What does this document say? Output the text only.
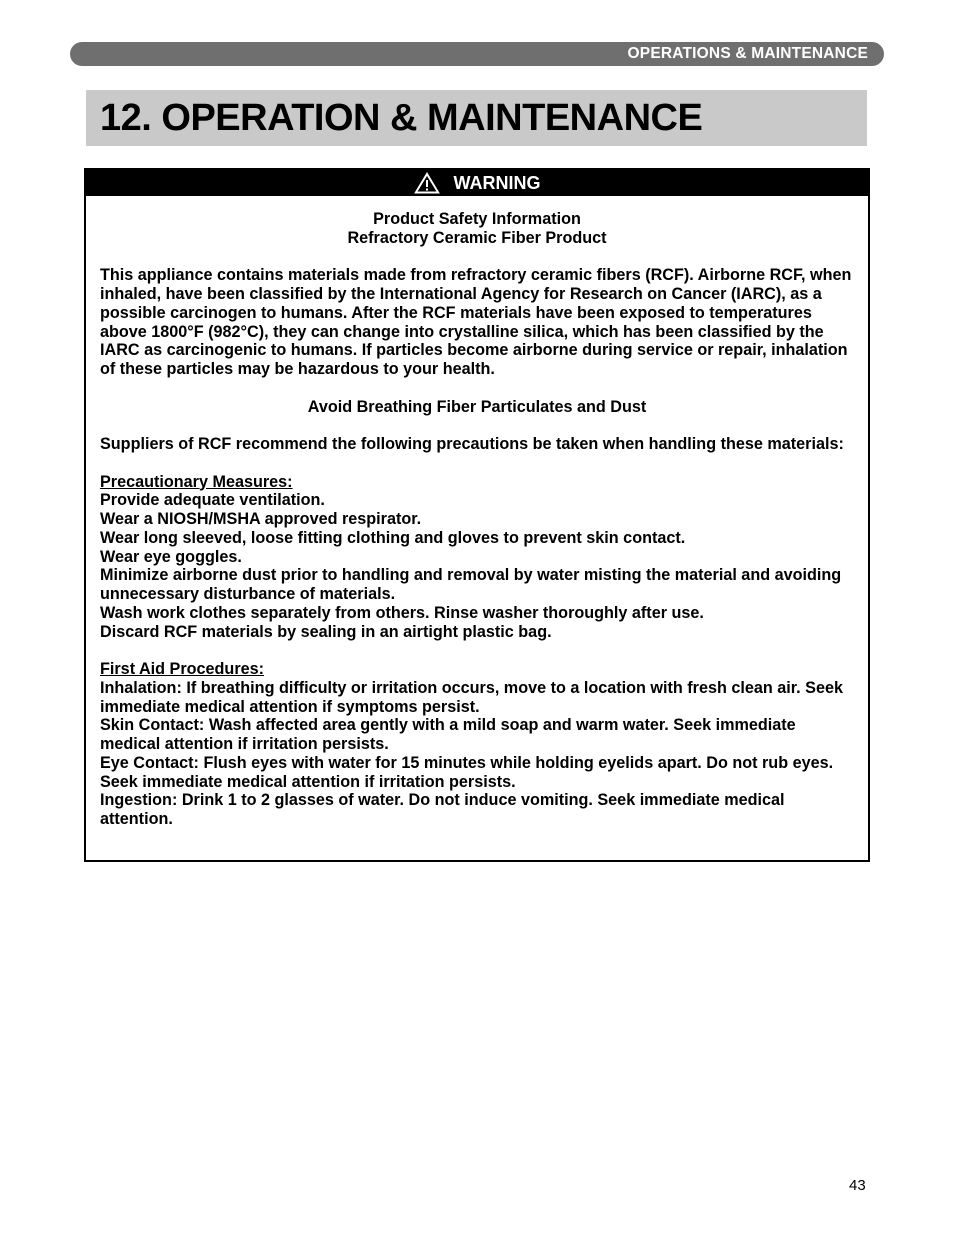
OPERATIONS & MAINTENANCE
12. OPERATION & MAINTENANCE
WARNING

Product Safety Information

Refractory Ceramic Fiber Product

This appliance contains materials made from refractory ceramic fibers (RCF). Airborne RCF, when inhaled, have been classified by the International Agency for Research on Cancer (IARC), as a possible carcinogen to humans. After the RCF materials have been exposed to temperatures above 1800°F (982°C), they can change into crystalline silica, which has been classified by the IARC as carcinogenic to humans. If particles become airborne during service or repair, inhalation of these particles may be hazardous to your health.

Avoid Breathing Fiber Particulates and Dust

Suppliers of RCF recommend the following precautions be taken when handling these materials:

Precautionary Measures:

Provide adequate ventilation.

Wear a NIOSH/MSHA approved respirator.

Wear long sleeved, loose fitting clothing and gloves to prevent skin contact.

Wear eye goggles.

Minimize airborne dust prior to handling and removal by water misting the material and avoiding unnecessary disturbance of materials.

Wash work clothes separately from others. Rinse washer thoroughly after use.

Discard RCF materials by sealing in an airtight plastic bag.

First Aid Procedures:

Inhalation: If breathing difficulty or irritation occurs, move to a location with fresh clean air. Seek immediate medical attention if symptoms persist.

Skin Contact: Wash affected area gently with a mild soap and warm water. Seek immediate medical attention if irritation persists.

Eye Contact: Flush eyes with water for 15 minutes while holding eyelids apart. Do not rub eyes. Seek immediate medical attention if irritation persists.

Ingestion: Drink 1 to 2 glasses of water. Do not induce vomiting. Seek immediate medical attention.

43
